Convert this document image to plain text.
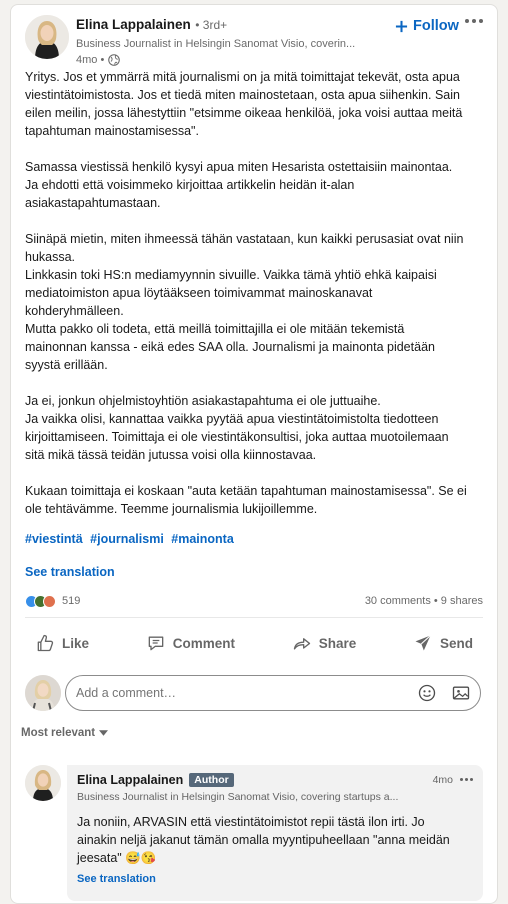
Elina Lappalainen • 3rd+
Business Journalist in Helsingin Sanomat Visio, coverin...
4mo •
Follow

Yritys. Jos et ymmärrä mitä journalismi on ja mitä toimittajat tekevät, osta apua

viestintätoimistosta. Jos et tiedä miten mainostetaan, osta apua siihenkin. Sain

eilen meilin, jossa lähestyttiin "etsimme oikeaa henkilöä, joka voisi auttaa meitä

tapahtuman mainostamisessa".

Samassa viestissä henkilö kysyi apua miten Hesarista ostettaisiin mainontaa.

Ja ehdotti että voisimmeko kirjoittaa artikkelin heidän it-alan

asiakastapahtumastaan.

Siinäpä mietin, miten ihmeessä tähän vastataan, kun kaikki perusasiat ovat niin

hukassa.

Linkkasin toki HS:n mediamyynnin sivuille. Vaikka tämä yhtiö ehkä kaipaisi

mediatoimiston apua löytääkseen toimivammat mainoskanavat

kohderyhmälleen.

Mutta pakko oli todeta, että meillä toimittajilla ei ole mitään tekemistä

mainonnan kanssa - eikä edes SAA olla. Journalismi ja mainonta pidetään

syystä erillään.

Ja ei, jonkun ohjelmistoyhtiön asiakastapahtuma ei ole juttuaihe.

Ja vaikka olisi, kannattaa vaikka pyytää apua viestintätoimistolta tiedotteen

kirjoittamiseen. Toimittaja ei ole viestintäkonsultisi, joka auttaa muotoilemaan

sitä mikä tässä teidän jutussa voisi olla kiinnostavaa.

Kukaan toimittaja ei koskaan "auta ketään tapahtuman mainostamisessa". Se ei

ole tehtävämme. Teemme journalismia lukijoillemme.

#viestintä #journalismi #mainonta
See translation
519	30 comments • 9 shares
Like	Comment	Share	Send
Add a comment…
Most relevant
Elina Lappalainen	Author	4mo
Business Journalist in Helsingin Sanomat Visio, covering startups a...
Ja noniin, ARVASIN että viestintätoimistot repii tästä ilon irti. Jo
ainakin neljä jakanut tämän omalla myyntipuheellaan "anna meidän
jeesata" 😅😘
See translation
